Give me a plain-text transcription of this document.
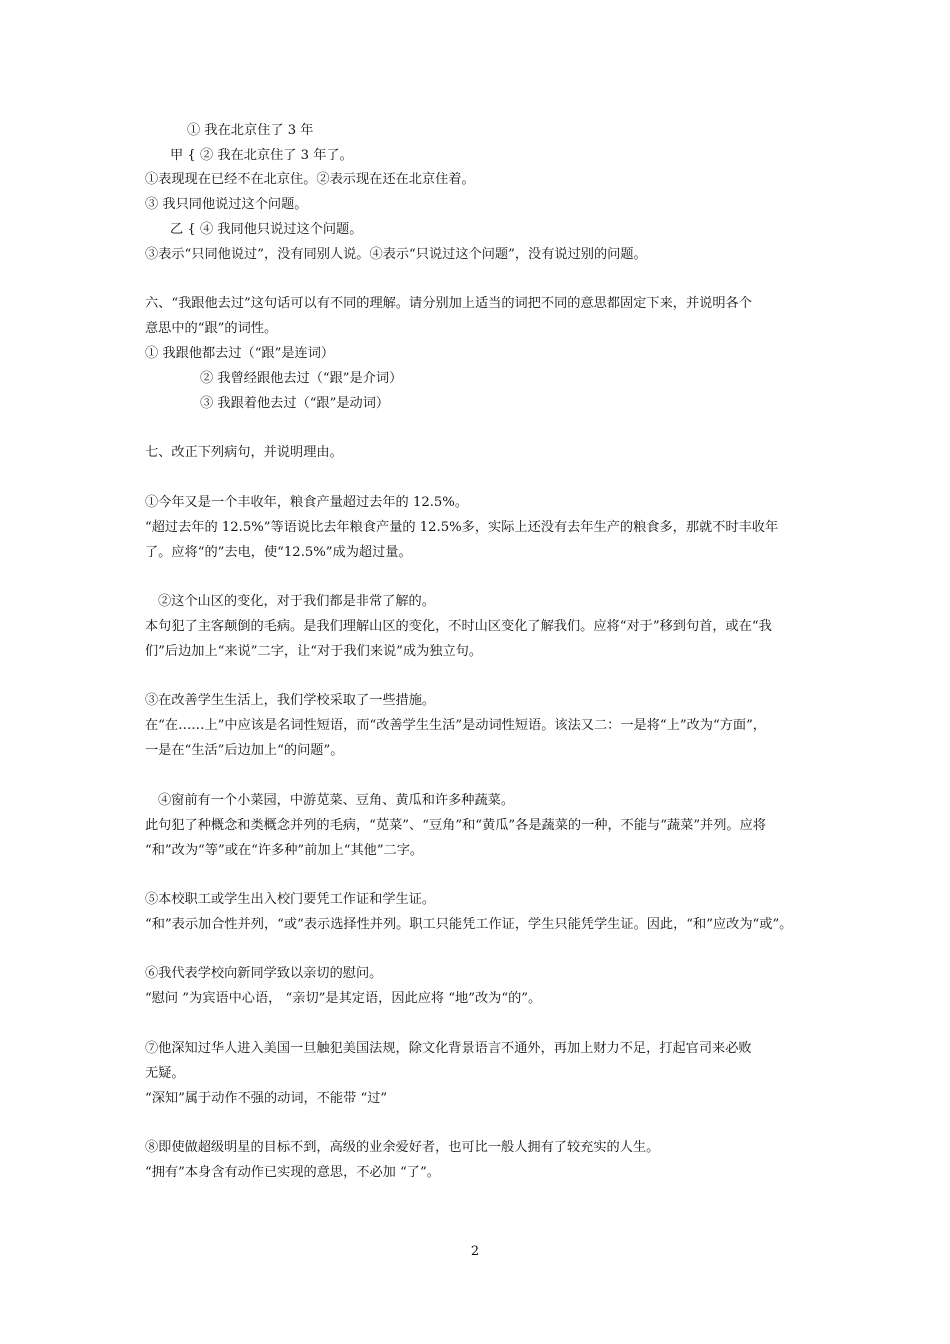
① 我在北京住了 3 年
甲 { ② 我在北京住了 3 年了。
①表现现在已经不在北京住。②表示现在还在北京住着。
③ 我只同他说过这个问题。
乙 { ④ 我同他只说过这个问题。
③表示“只同他说过”，没有同别人说。④表示“只说过这个问题”，没有说过别的问题。
六、“我跟他去过”这句话可以有不同的理解。请分别加上适当的词把不同的意思都固定下来，并说明各个
意思中的“跟”的词性。
① 我跟他都去过（“跟”是连词）
② 我曾经跟他去过（“跟”是介词）
③ 我跟着他去过（“跟”是动词）
七、改正下列病句，并说明理由。
①今年又是一个丰收年，粮食产量超过去年的 12.5%。
“超过去年的 12.5%”等语说比去年粮食产量的 12.5%多，实际上还没有去年生产的粮食多，那就不时丰收年
了。应将“的”去电，使“12.5%”成为超过量。
②这个山区的变化，对于我们都是非常了解的。
本句犯了主客颠倒的毛病。是我们理解山区的变化，不时山区变化了解我们。应将“对于”移到句首，或在“我
们”后边加上“来说”二字，让“对于我们来说”成为独立句。
③在改善学生生活上，我们学校采取了一些措施。
在“在……上”中应该是名词性短语，而“改善学生生活”是动词性短语。该法又二：一是将“上”改为“方面”，
一是在“生活”后边加上“的问题”。
④窗前有一个小菜园，中游苋菜、豆角、黄瓜和许多种蔬菜。
此句犯了种概念和类概念并列的毛病，“苋菜”、“豆角”和“黄瓜”各是蔬菜的一种，不能与“蔬菜”并列。应将
“和”改为“等”或在“许多种”前加上“其他”二字。
⑤本校职工或学生出入校门要凭工作证和学生证。
“和”表示加合性并列，“或”表示选择性并列。职工只能凭工作证，学生只能凭学生证。因此，“和”应改为“或”。
⑥我代表学校向新同学致以亲切的慰问。
“慰问 ”为宾语中心语， “亲切”是其定语，因此应将 “地”改为“的”。
⑦他深知过华人进入美国一旦触犯美国法规，除文化背景语言不通外，再加上财力不足，打起官司来必败
无疑。
“深知”属于动作不强的动词，不能带 “过”
⑧即使做超级明星的目标不到，高级的业余爱好者，也可比一般人拥有了较充实的人生。
“拥有”本身含有动作已实现的意思，不必加 “了”。
2
